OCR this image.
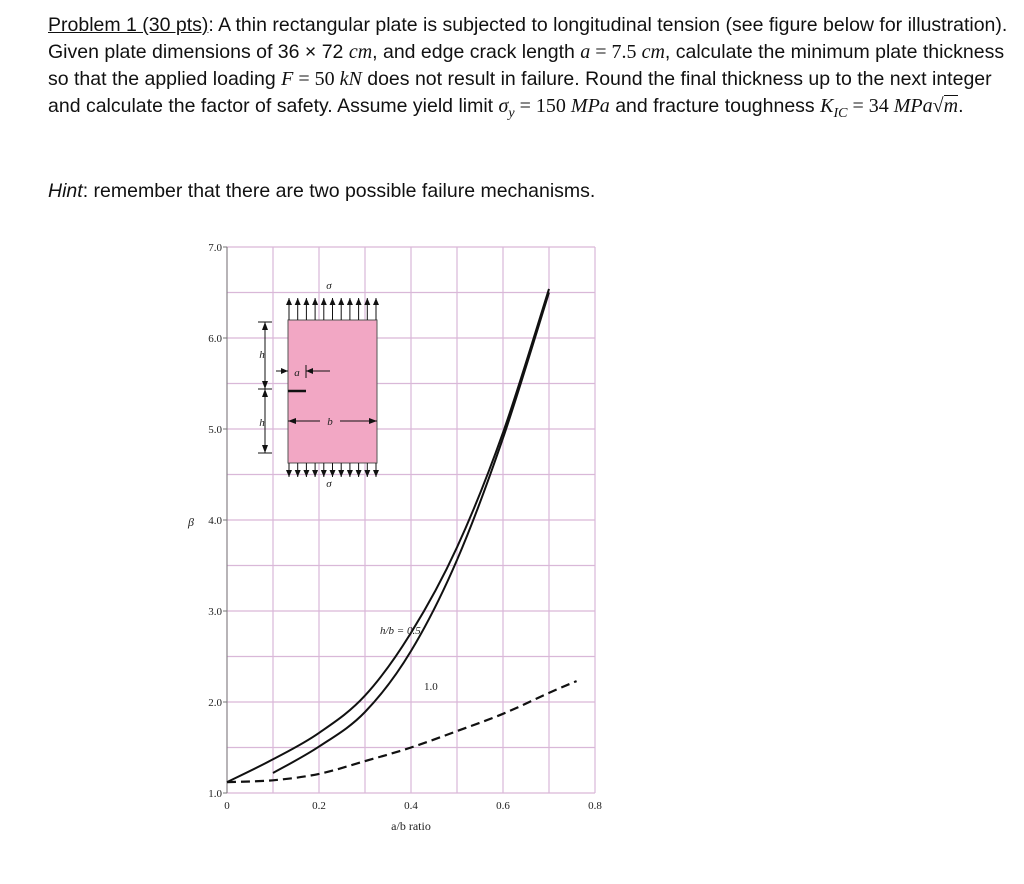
Problem 1 (30 pts): A thin rectangular plate is subjected to longitudinal tension (see figure below for illustration). Given plate dimensions of 36 × 72 cm, and edge crack length a = 7.5 cm, calculate the minimum plate thickness so that the applied loading F = 50 kN does not result in failure. Round the final thickness up to the next integer and calculate the factor of safety. Assume yield limit $\sigma_y = 150$ MPa and fracture toughness $K_{IC} = 34$ MPa√m.

Hint: remember that there are two possible failure mechanisms.

1.0
2.0
3.0
4.0
5.0
6.0
7.0
0	0.2	0.4	0.6	0.8
σ
σ
h
h
a
b
β
a/b ratio
h/b = 0.5
1.0
